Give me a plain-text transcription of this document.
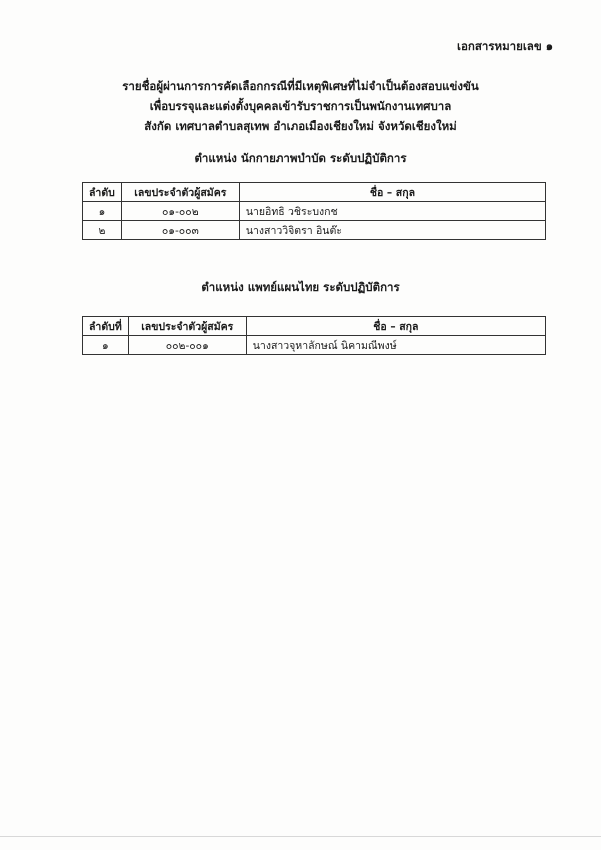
เอกสารหมายเลข ๑
รายชื่อผู้ผ่านการการคัดเลือกกรณีที่มีเหตุพิเศษที่ไม่จำเป็นต้องสอบแข่งขัน
เพื่อบรรจุและแต่งตั้งบุคคลเข้ารับราชการเป็นพนักงานเทศบาล
สังกัด เทศบาลตำบลสุเทพ อำเภอเมืองเชียงใหม่ จังหวัดเชียงใหม่
ตำแหน่ง นักกายภาพบำบัด ระดับปฏิบัติการ
ลำดับ	เลขประจำตัวผู้สมัคร	ชื่อ – สกุล
๑	๐๑-๐๐๒	นายอิทธิ วชิระบงกช
๒	๐๑-๐๐๓	นางสาววิจิตรา อินต๊ะ
ตำแหน่ง แพทย์แผนไทย ระดับปฏิบัติการ
ลำดับที่	เลขประจำตัวผู้สมัคร	ชื่อ – สกุล
๑	๐๐๒-๐๐๑	นางสาวจุหาลักษณ์ นิคามณีพงษ์
